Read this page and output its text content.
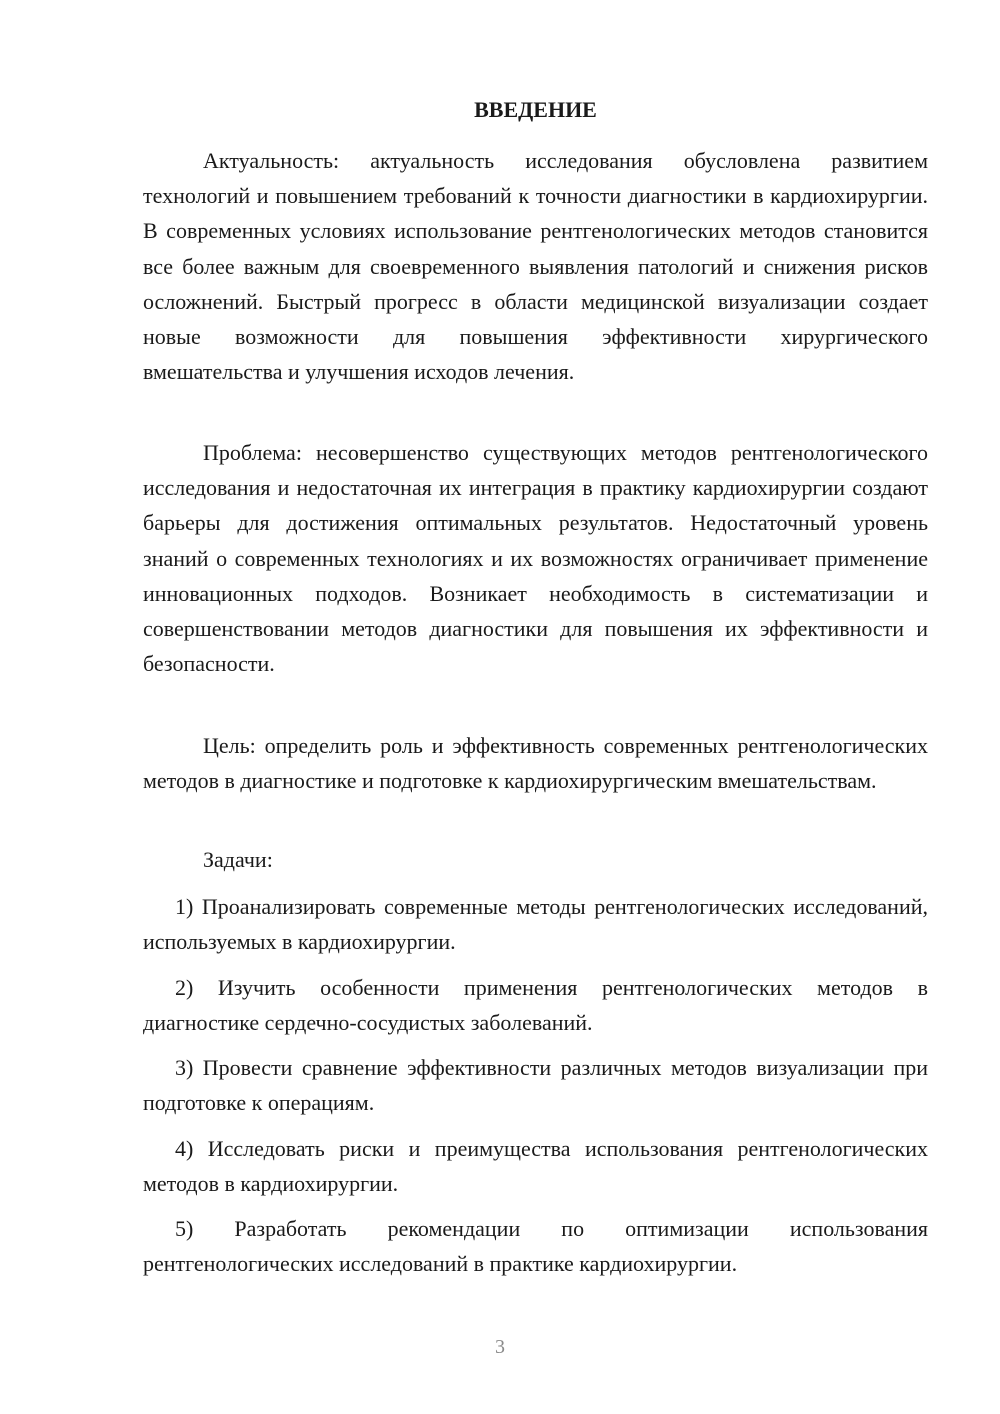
ВВЕДЕНИЕ

Актуальность: актуальность исследования обусловлена развитием технологий и повышением требований к точности диагностики в кардиохирургии. В современных условиях использование рентгенологических методов становится все более важным для своевременного выявления патологий и снижения рисков осложнений. Быстрый прогресс в области медицинской визуализации создает новые возможности для повышения эффективности хирургического вмешательства и улучшения исходов лечения.

Проблема: несовершенство существующих методов рентгенологического исследования и недостаточная их интеграция в практику кардиохирургии создают барьеры для достижения оптимальных результатов. Недостаточный уровень знаний о современных технологиях и их возможностях ограничивает применение инновационных подходов. Возникает необходимость в систематизации и совершенствовании методов диагностики для повышения их эффективности и безопасности.

Цель: определить роль и эффективность современных рентгенологических методов в диагностике и подготовке к кардиохирургическим вмешательствам.

Задачи:

1) Проанализировать современные методы рентгенологических исследований, используемых в кардиохирургии.

2) Изучить особенности применения рентгенологических методов в диагностике сердечно-сосудистых заболеваний.

3) Провести сравнение эффективности различных методов визуализации при подготовке к операциям.

4) Исследовать риски и преимущества использования рентгенологических методов в кардиохирургии.

5) Разработать рекомендации по оптимизации использования рентгенологических исследований в практике кардиохирургии.

3
